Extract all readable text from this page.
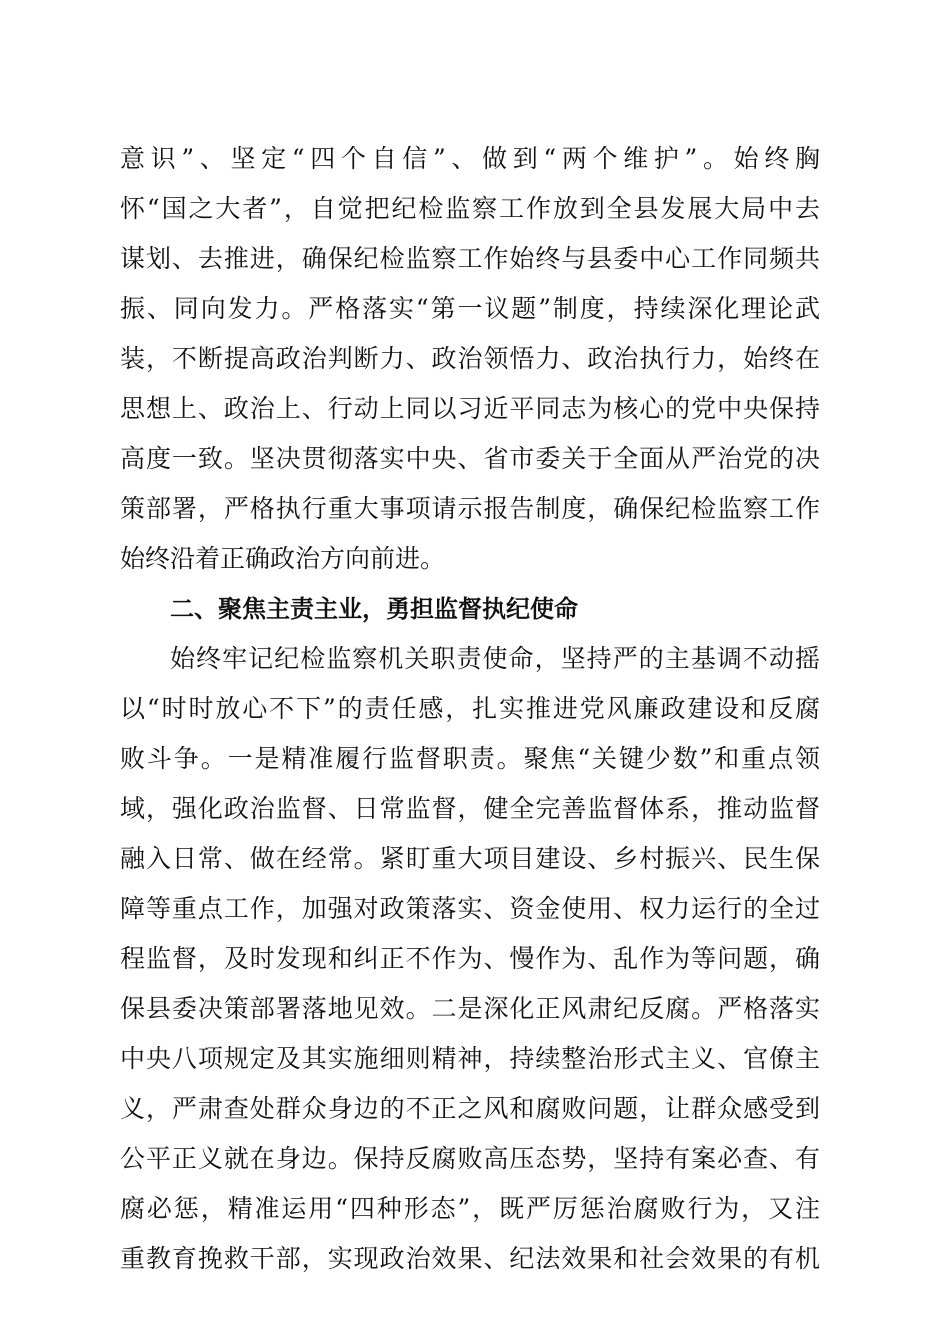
意识”、坚定“四个自信”、做到“两个维护”。始终胸
怀“国之大者”，自觉把纪检监察工作放到全县发展大局中去
谋划、去推进，确保纪检监察工作始终与县委中心工作同频共
振、同向发力。严格落实“第一议题”制度，持续深化理论武
装，不断提高政治判断力、政治领悟力、政治执行力，始终在
思想上、政治上、行动上同以习近平同志为核心的党中央保持
高度一致。坚决贯彻落实中央、省市委关于全面从严治党的决
策部署，严格执行重大事项请示报告制度，确保纪检监察工作
始终沿着正确政治方向前进。
二、聚焦主责主业，勇担监督执纪使命
始终牢记纪检监察机关职责使命，坚持严的主基调不动摇
以“时时放心不下”的责任感，扎实推进党风廉政建设和反腐
败斗争。一是精准履行监督职责。聚焦“关键少数”和重点领
域，强化政治监督、日常监督，健全完善监督体系，推动监督
融入日常、做在经常。紧盯重大项目建设、乡村振兴、民生保
障等重点工作，加强对政策落实、资金使用、权力运行的全过
程监督，及时发现和纠正不作为、慢作为、乱作为等问题，确
保县委决策部署落地见效。二是深化正风肃纪反腐。严格落实
中央八项规定及其实施细则精神，持续整治形式主义、官僚主
义，严肃查处群众身边的不正之风和腐败问题，让群众感受到
公平正义就在身边。保持反腐败高压态势，坚持有案必查、有
腐必惩，精准运用“四种形态”，既严厉惩治腐败行为，又注
重教育挽救干部，实现政治效果、纪法效果和社会效果的有机
